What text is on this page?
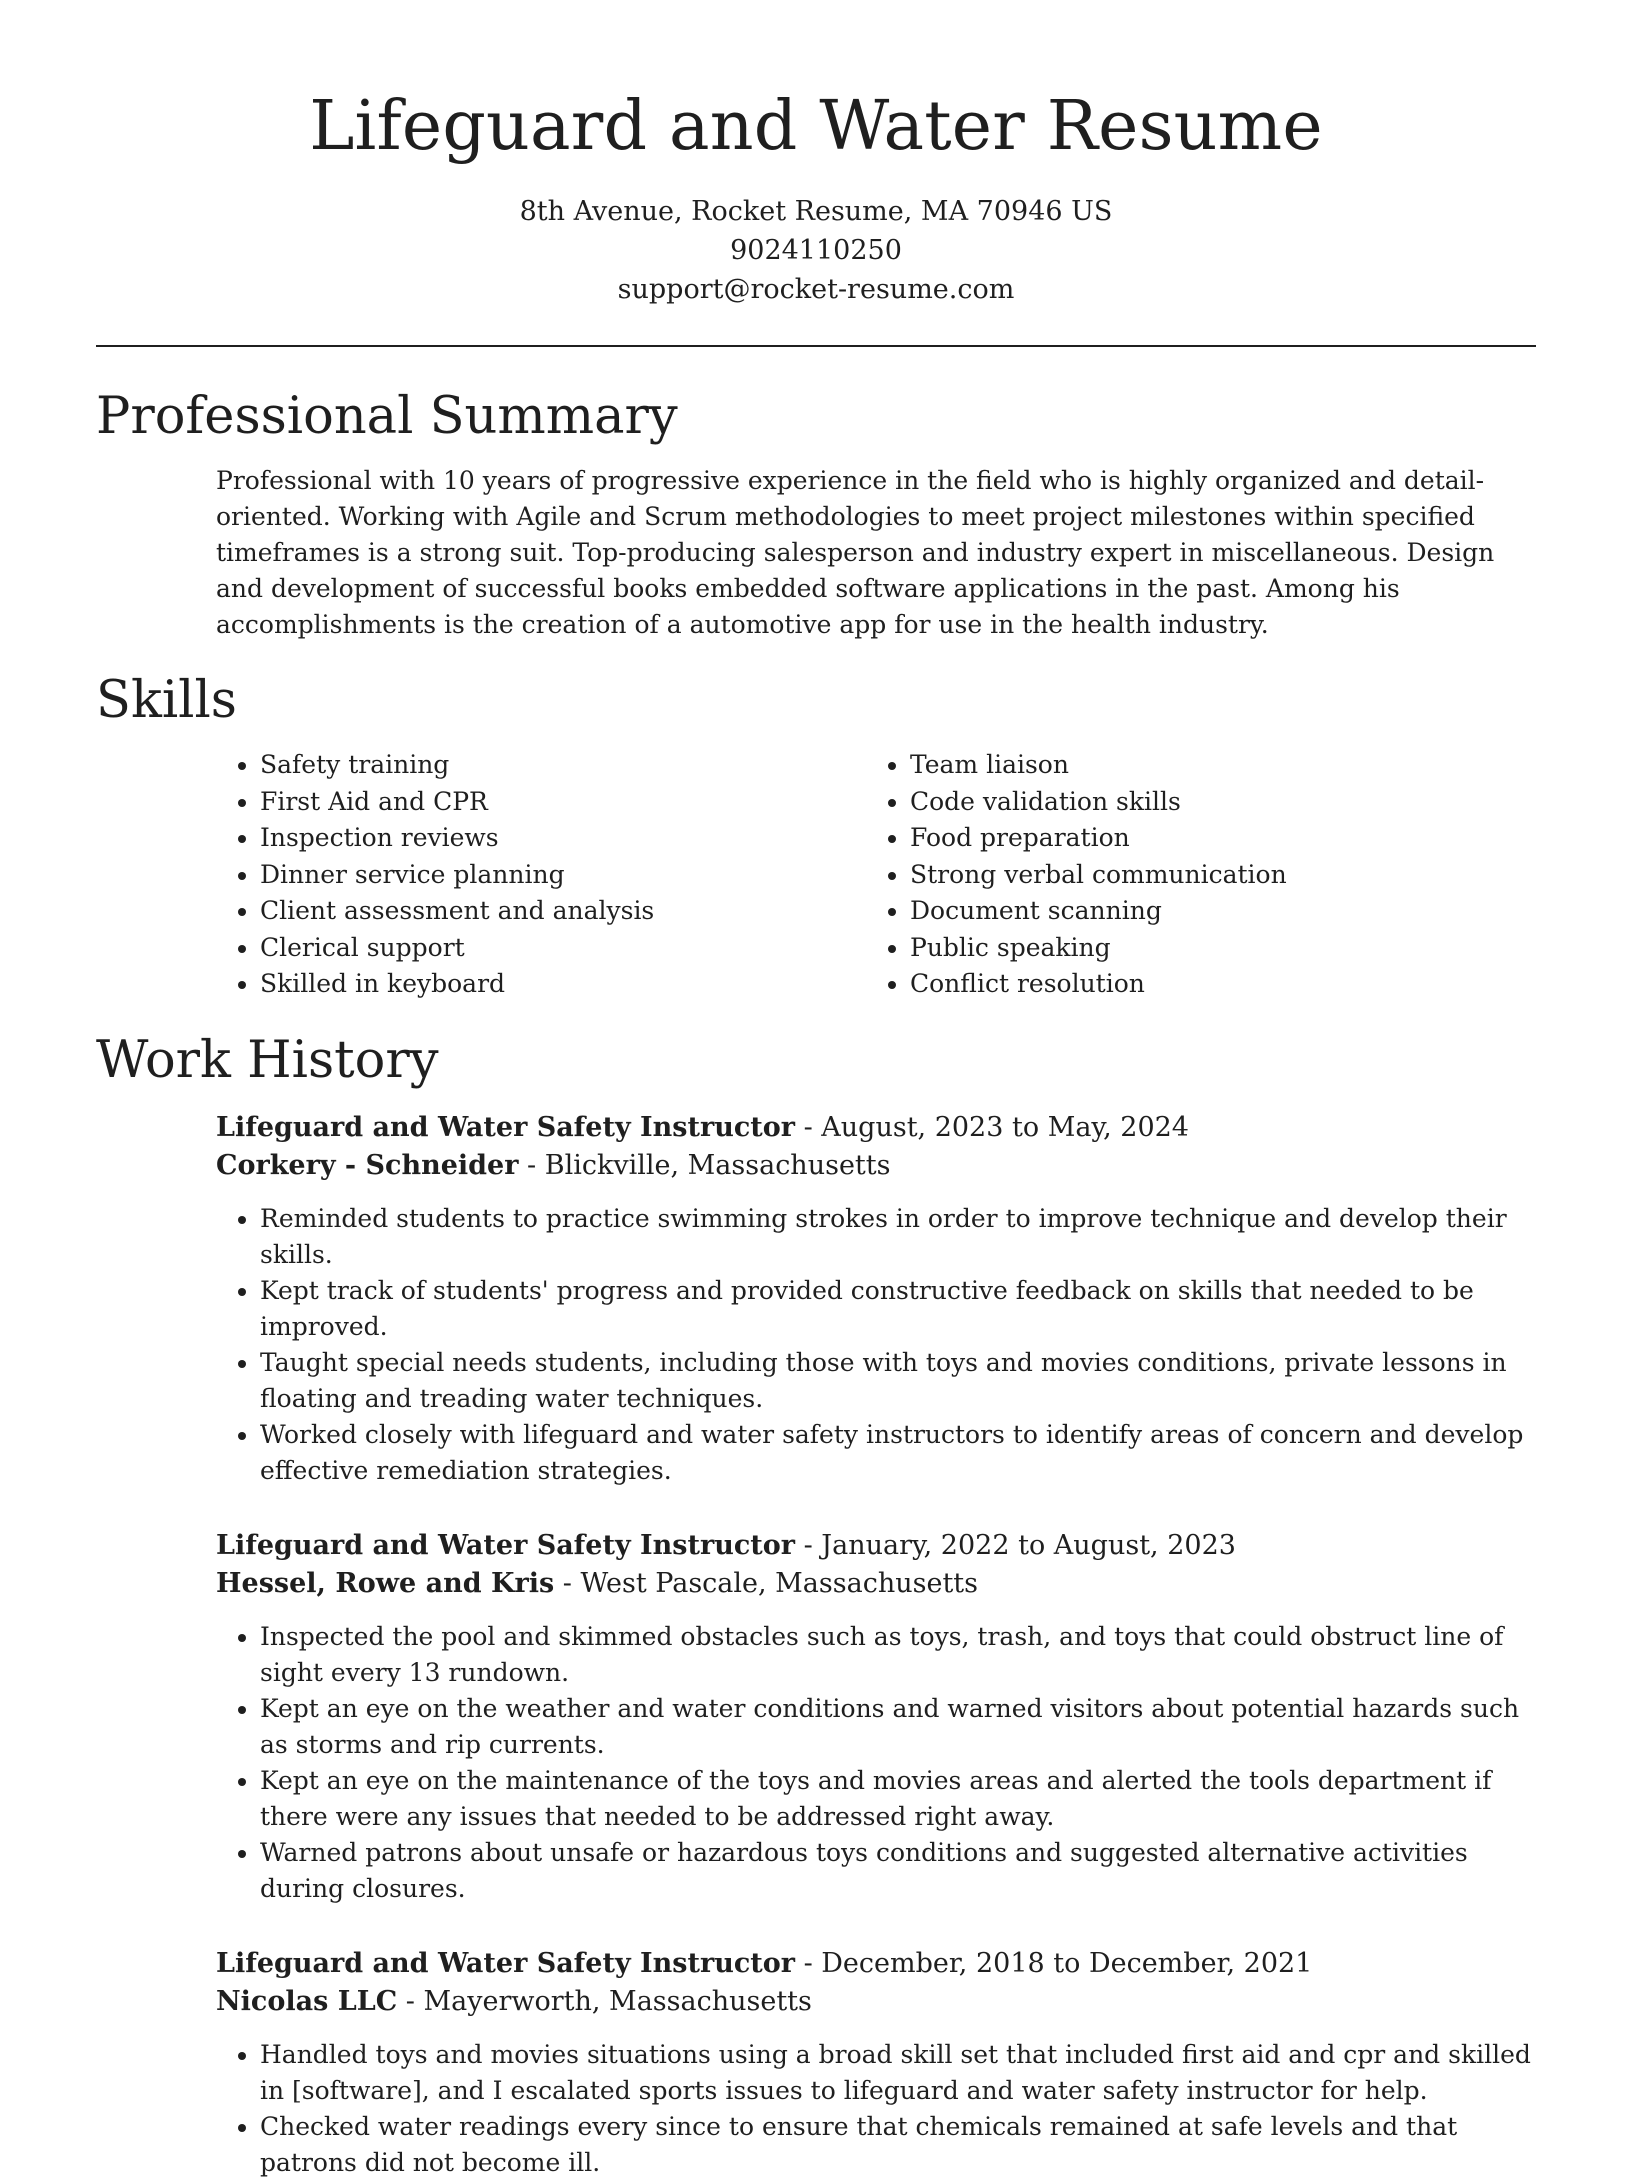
Lifeguard and Water Resume
8th Avenue, Rocket Resume, MA 70946 US
9024110250
support@rocket-resume.com
Professional Summary

Professional with 10 years of progressive experience in the field who is highly organized and detail-oriented. Working with Agile and Scrum methodologies to meet project milestones within specified timeframes is a strong suit. Top-producing salesperson and industry expert in miscellaneous. Design and development of successful books embedded software applications in the past. Among his accomplishments is the creation of a automotive app for use in the health industry.

Skills
• Safety training
• First Aid and CPR
• Inspection reviews
• Dinner service planning
• Client assessment and analysis
• Clerical support
• Skilled in keyboard
• Team liaison
• Code validation skills
• Food preparation
• Strong verbal communication
• Document scanning
• Public speaking
• Conflict resolution
Work History
Lifeguard and Water Safety Instructor - August, 2023 to May, 2024
Corkery - Schneider - Blickville, Massachusetts
• Reminded students to practice swimming strokes in order to improve technique and develop their skills.
• Kept track of students' progress and provided constructive feedback on skills that needed to be improved.
• Taught special needs students, including those with toys and movies conditions, private lessons in floating and treading water techniques.
• Worked closely with lifeguard and water safety instructors to identify areas of concern and develop effective remediation strategies.
Lifeguard and Water Safety Instructor - January, 2022 to August, 2023
Hessel, Rowe and Kris - West Pascale, Massachusetts
• Inspected the pool and skimmed obstacles such as toys, trash, and toys that could obstruct line of sight every 13 rundown.
• Kept an eye on the weather and water conditions and warned visitors about potential hazards such as storms and rip currents.
• Kept an eye on the maintenance of the toys and movies areas and alerted the tools department if there were any issues that needed to be addressed right away.
• Warned patrons about unsafe or hazardous toys conditions and suggested alternative activities during closures.
Lifeguard and Water Safety Instructor - December, 2018 to December, 2021
Nicolas LLC - Mayerworth, Massachusetts
• Handled toys and movies situations using a broad skill set that included first aid and cpr and skilled in [software], and I escalated sports issues to lifeguard and water safety instructor for help.
• Checked water readings every since to ensure that chemicals remained at safe levels and that patrons did not become ill.
